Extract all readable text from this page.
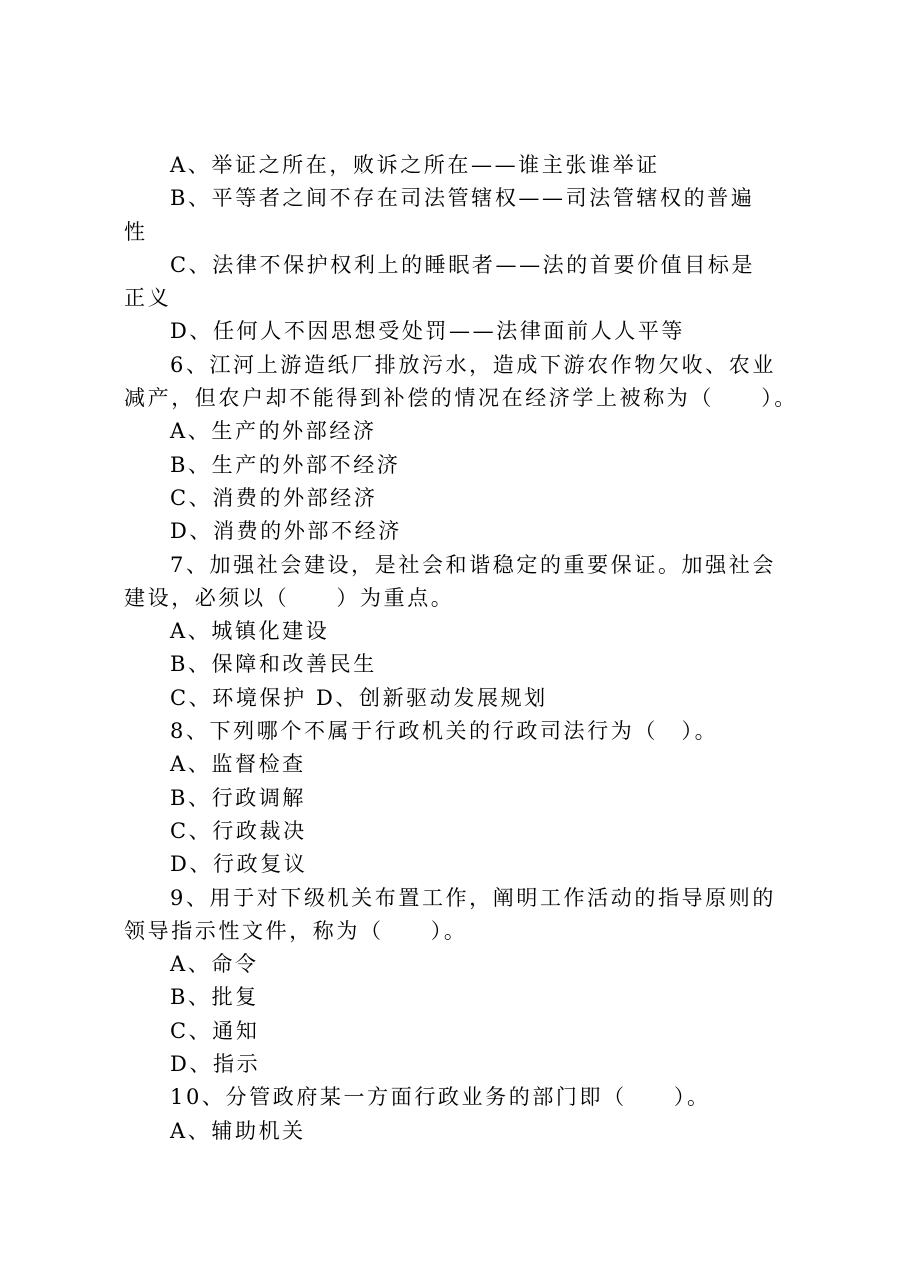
A、举证之所在，败诉之所在——谁主张谁举证
B、平等者之间不存在司法管辖权——司法管辖权的普遍
性
C、法律不保护权利上的睡眠者——法的首要价值目标是
正义
D、任何人不因思想受处罚——法律面前人人平等
6、江河上游造纸厂排放污水，造成下游农作物欠收、农业
减产，但农户却不能得到补偿的情况在经济学上被称为（　　）。
A、生产的外部经济
B、生产的外部不经济
C、消费的外部经济
D、消费的外部不经济
7、加强社会建设，是社会和谐稳定的重要保证。加强社会
建设，必须以（　　）为重点。
A、城镇化建设
B、保障和改善民生
C、环境保护 D、创新驱动发展规划
8、下列哪个不属于行政机关的行政司法行为（　）。
A、监督检查
B、行政调解
C、行政裁决
D、行政复议
9、用于对下级机关布置工作，阐明工作活动的指导原则的
领导指示性文件，称为（　　）。
A、命令
B、批复
C、通知
D、指示
10、分管政府某一方面行政业务的部门即（　　）。
A、辅助机关
